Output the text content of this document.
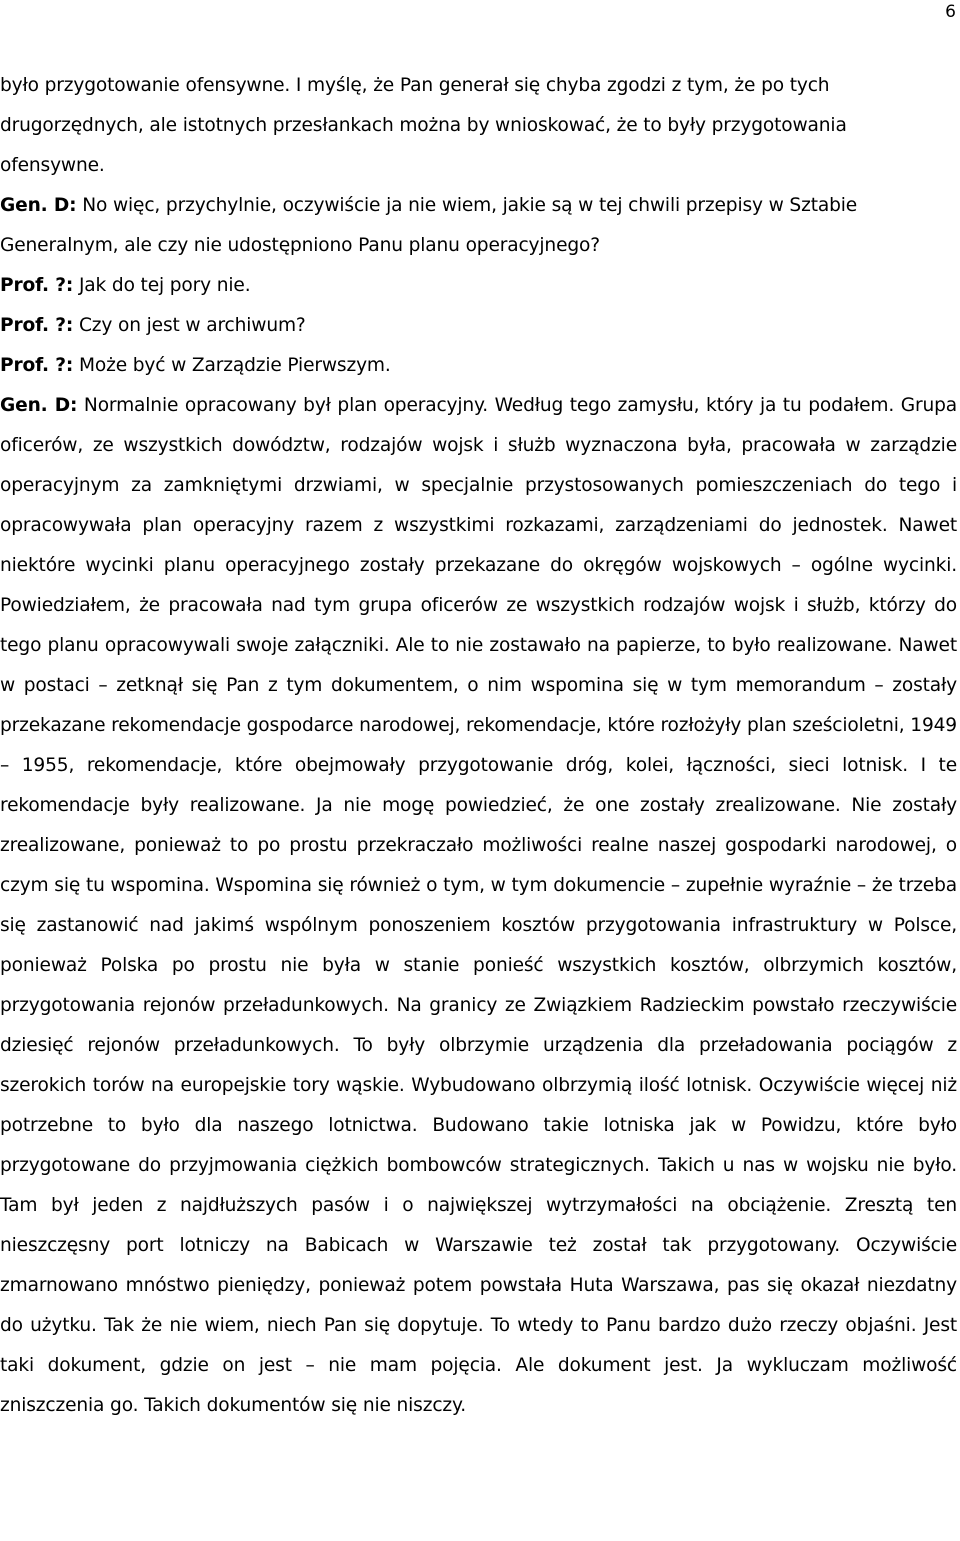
6

było przygotowanie ofensywne. I myślę, że Pan generał się chyba zgodzi z tym, że po tych drugorzędnych, ale istotnych przesłankach można by wnioskować, że to były przygotowania ofensywne.

Gen. D: No więc, przychylnie, oczywiście ja nie wiem, jakie są w tej chwili przepisy w Sztabie Generalnym, ale czy nie udostępniono Panu planu operacyjnego?

Prof. ?: Jak do tej pory nie.

Prof. ?: Czy on jest w archiwum?

Prof. ?: Może być w Zarządzie Pierwszym.

Gen. D: Normalnie opracowany był plan operacyjny. Według tego zamysłu, który ja tu podałem. Grupa oficerów, ze wszystkich dowództw, rodzajów wojsk i służb wyznaczona była, pracowała w zarządzie operacyjnym za zamkniętymi drzwiami, w specjalnie przystosowanych pomieszczeniach do tego i opracowywała plan operacyjny razem z wszystkimi rozkazami, zarządzeniami do jednostek. Nawet niektóre wycinki planu operacyjnego zostały przekazane do okręgów wojskowych – ogólne wycinki. Powiedziałem, że pracowała nad tym grupa oficerów ze wszystkich rodzajów wojsk i służb, którzy do tego planu opracowywali swoje załączniki. Ale to nie zostawało na papierze, to było realizowane. Nawet w postaci – zetknął się Pan z tym dokumentem, o nim wspomina się w tym memorandum – zostały przekazane rekomendacje gospodarce narodowej, rekomendacje, które rozłożyły plan sześcioletni, 1949 – 1955, rekomendacje, które obejmowały przygotowanie dróg, kolei, łączności, sieci lotnisk. I te rekomendacje były realizowane. Ja nie mogę powiedzieć, że one zostały zrealizowane. Nie zostały zrealizowane, ponieważ to po prostu przekraczało możliwości realne naszej gospodarki narodowej, o czym się tu wspomina. Wspomina się również o tym, w tym dokumencie – zupełnie wyraźnie – że trzeba się zastanowić nad jakimś wspólnym ponoszeniem kosztów przygotowania infrastruktury w Polsce, ponieważ Polska po prostu nie była w stanie ponieść wszystkich kosztów, olbrzymich kosztów, przygotowania rejonów przeładunkowych. Na granicy ze Związkiem Radzieckim powstało rzeczywiście dziesięć rejonów przeładunkowych. To były olbrzymie urządzenia dla przeładowania pociągów z szerokich torów na europejskie tory wąskie. Wybudowano olbrzymią ilość lotnisk. Oczywiście więcej niż potrzebne to było dla naszego lotnictwa. Budowano takie lotniska jak w Powidzu, które było przygotowane do przyjmowania ciężkich bombowców strategicznych. Takich u nas w wojsku nie było. Tam był jeden z najdłuższych pasów i o największej wytrzymałości na obciążenie. Zresztą ten nieszczęsny port lotniczy na Babicach w Warszawie też został tak przygotowany. Oczywiście zmarnowano mnóstwo pieniędzy, ponieważ potem powstała Huta Warszawa, pas się okazał niezdatny do użytku. Tak że nie wiem, niech Pan się dopytuje. To wtedy to Panu bardzo dużo rzeczy objaśni. Jest taki dokument, gdzie on jest – nie mam pojęcia. Ale dokument jest. Ja wykluczam możliwość zniszczenia go. Takich dokumentów się nie niszczy.
